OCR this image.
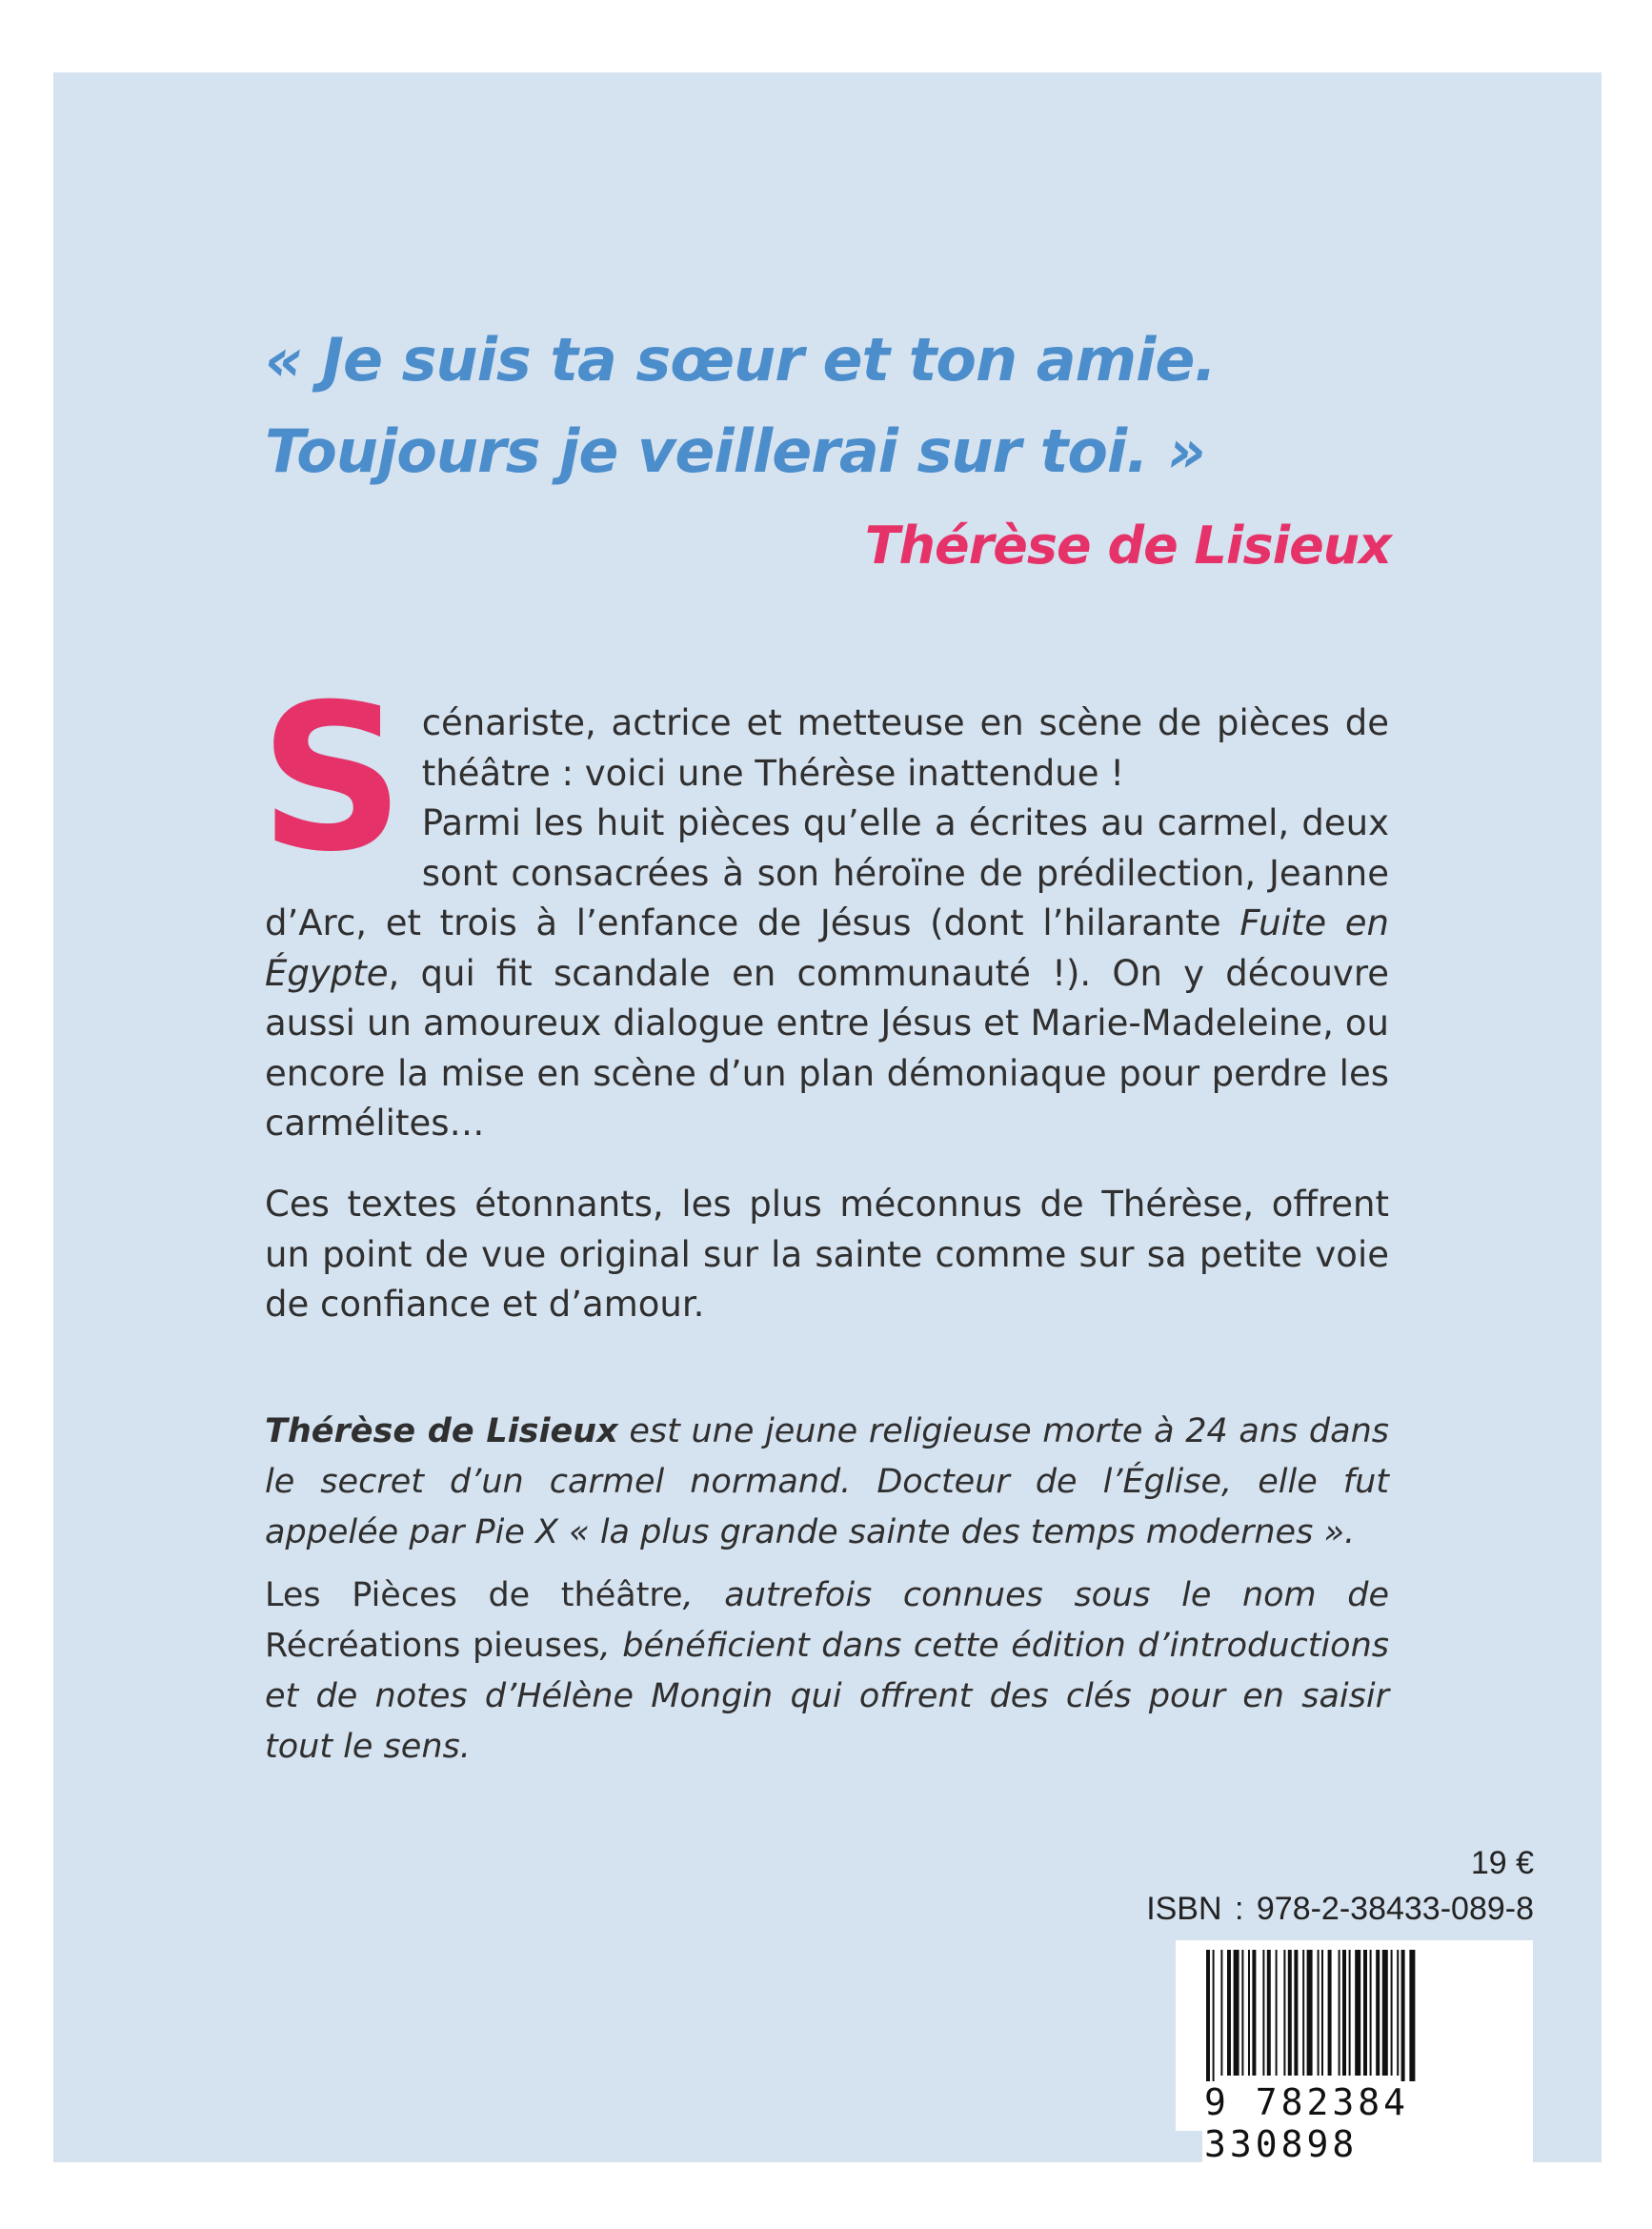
« Je suis ta sœur et ton amie.
Toujours je veillerai sur toi. »
Thérèse de Lisieux
Scénariste, actrice et metteuse en scène de pièces de théâtre : voici une Thérèse inattendue !
Parmi les huit pièces qu’elle a écrites au carmel, deux sont consacrées à son héroïne de prédilection, Jeanne d’Arc, et trois à l’enfance de Jésus (dont l’hilarante Fuite en Égypte, qui fit scandale en communauté !). On y découvre aussi un amoureux dialogue entre Jésus et Marie-Madeleine, ou encore la mise en scène d’un plan démoniaque pour perdre les carmélites…
Ces textes étonnants, les plus méconnus de Thérèse, offrent un point de vue original sur la sainte comme sur sa petite voie de confiance et d’amour.
Thérèse de Lisieux est une jeune religieuse morte à 24 ans dans le secret d’un carmel normand. Docteur de l’Église, elle fut appelée par Pie X « la plus grande sainte des temps modernes ».
Les Pièces de théâtre, autrefois connues sous le nom de Récréations pieuses, bénéficient dans cette édition d’introductions et de notes d’Hélène Mongin qui offrent des clés pour en saisir tout le sens.
19 €
ISBN : 978-2-38433-089-8
9 782384 330898
